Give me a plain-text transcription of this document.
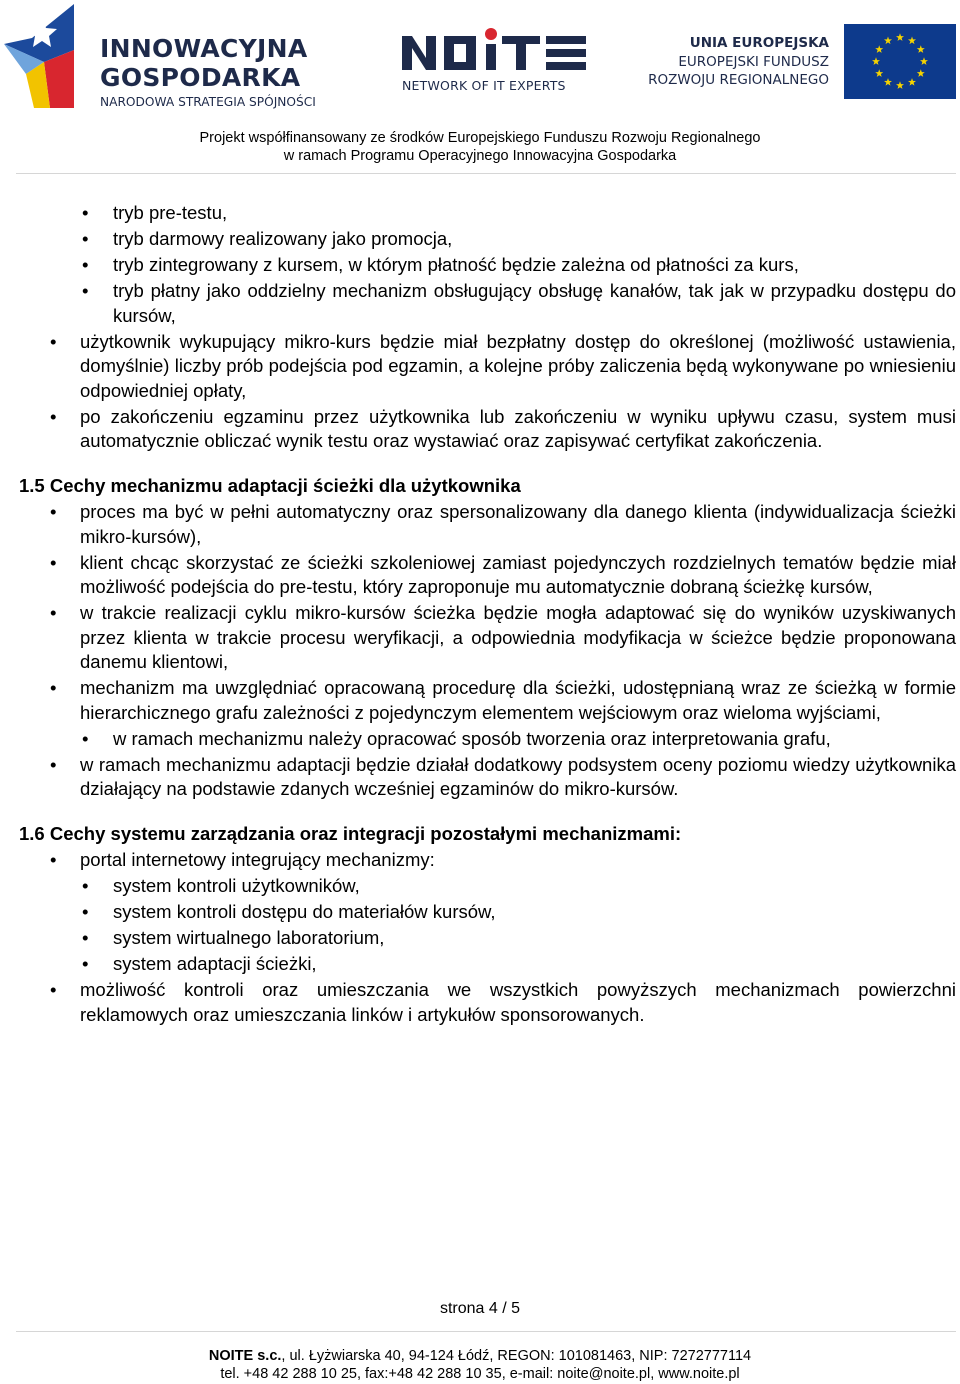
INNOWACYJNA
GOSPODARKA
NARODOWA STRATEGIA SPÓJNOŚCI
NETWORK OF IT EXPERTS
UNIA EUROPEJSKA
EUROPEJSKI FUNDUSZ
ROZWOJU REGIONALNEGO
Projekt współfinansowany ze środków Europejskiego Funduszu Rozwoju Regionalnego
w ramach Programu Operacyjnego Innowacyjna Gospodarka
• tryb pre-testu,
• tryb darmowy realizowany jako promocja,
• tryb zintegrowany z kursem, w którym płatność będzie zależna od płatności za kurs,
• tryb płatny jako oddzielny mechanizm obsługujący obsługę kanałów, tak jak w przypadku dostępu do kursów,
• użytkownik wykupujący mikro-kurs będzie miał bezpłatny dostęp do określonej (możliwość ustawienia, domyślnie) liczby prób podejścia pod egzamin, a kolejne próby zaliczenia będą wykonywane po wniesieniu odpowiedniej opłaty,
• po zakończeniu egzaminu przez użytkownika lub zakończeniu w wyniku upływu czasu, system musi automatycznie obliczać wynik testu oraz wystawiać oraz zapisywać certyfikat zakończenia.
1.5 Cechy mechanizmu adaptacji ścieżki dla użytkownika
• proces ma być w pełni automatyczny oraz spersonalizowany dla danego klienta (indywidualizacja ścieżki mikro-kursów),
• klient chcąc skorzystać ze ścieżki szkoleniowej zamiast pojedynczych rozdzielnych tematów będzie miał możliwość podejścia do pre-testu, który zaproponuje mu automatycznie dobraną ścieżkę kursów,
• w trakcie realizacji cyklu mikro-kursów ścieżka będzie mogła adaptować się do wyników uzyskiwanych przez klienta w trakcie procesu weryfikacji, a odpowiednia modyfikacja w ścieżce będzie proponowana danemu klientowi,
• mechanizm ma uwzględniać opracowaną procedurę dla ścieżki, udostępnianą wraz ze ścieżką w formie hierarchicznego grafu zależności z pojedynczym elementem wejściowym oraz wieloma wyjściami,
• w ramach mechanizmu należy opracować sposób tworzenia oraz interpretowania grafu,
• w ramach mechanizmu adaptacji będzie działał dodatkowy podsystem oceny poziomu wiedzy użytkownika działający na podstawie zdanych wcześniej egzaminów do mikro-kursów.
1.6 Cechy systemu zarządzania oraz integracji pozostałymi mechanizmami:
• portal internetowy integrujący mechanizmy:
• system kontroli użytkowników,
• system kontroli dostępu do materiałów kursów,
• system wirtualnego laboratorium,
• system adaptacji ścieżki,
• możliwość kontroli oraz umieszczania we wszystkich powyższych mechanizmach powierzchni reklamowych oraz umieszczania linków i artykułów sponsorowanych.
strona 4 / 5
NOITE s.c., ul. Łyżwiarska 40, 94-124 Łódź, REGON: 101081463, NIP: 7272777114
tel. +48 42 288 10 25, fax:+48 42 288 10 35, e-mail: noite@noite.pl, www.noite.pl
